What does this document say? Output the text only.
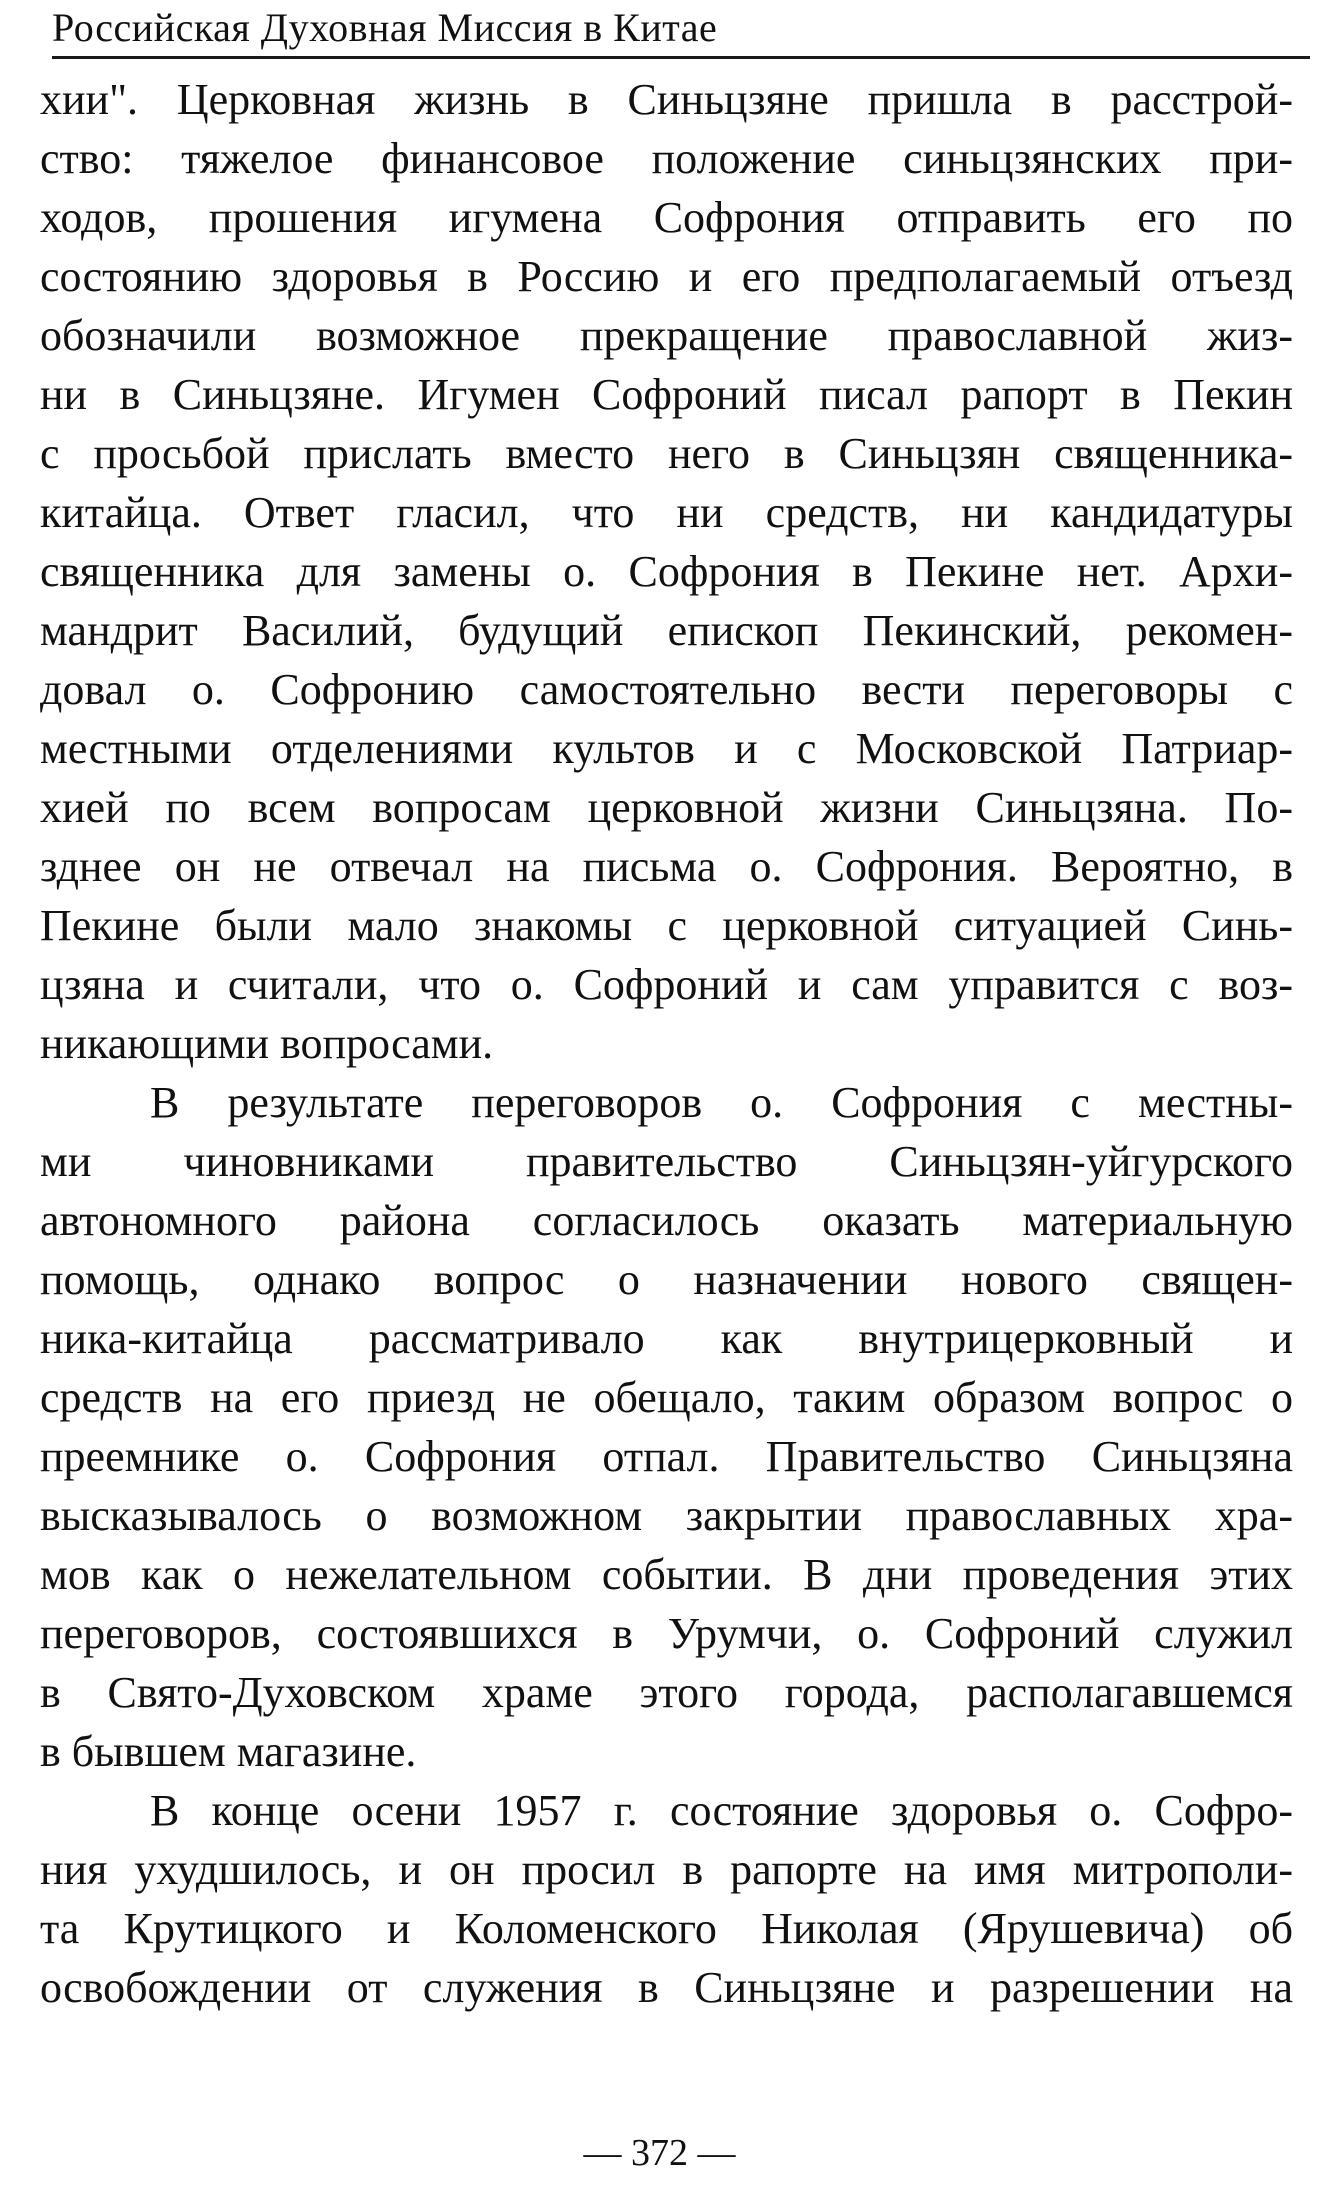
Российская Духовная Миссия в Китае
хии". Церковная жизнь в Синьцзяне пришла в расстрой-
ство: тяжелое финансовое положение синьцзянских при-
ходов, прошения игумена Софрония отправить его по
состоянию здоровья в Россию и его предполагаемый отъезд
обозначили возможное прекращение православной жиз-
ни в Синьцзяне. Игумен Софроний писал рапорт в Пекин
с просьбой прислать вместо него в Синьцзян священника-
китайца. Ответ гласил, что ни средств, ни кандидатуры
священника для замены о. Софрония в Пекине нет. Архи-
мандрит Василий, будущий епископ Пекинский, рекомен-
довал о. Софронию самостоятельно вести переговоры с
местными отделениями культов и с Московской Патриар-
хией по всем вопросам церковной жизни Синьцзяна. По-
зднее он не отвечал на письма о. Софрония. Вероятно, в
Пекине были мало знакомы с церковной ситуацией Синь-
цзяна и считали, что о. Софроний и сам управится с воз-
никающими вопросами.
В результате переговоров о. Софрония с местны-
ми чиновниками правительство Синьцзян-уйгурского
автономного района согласилось оказать материальную
помощь, однако вопрос о назначении нового священ-
ника-китайца рассматривало как внутрицерковный и
средств на его приезд не обещало, таким образом вопрос о
преемнике о. Софрония отпал. Правительство Синьцзяна
высказывалось о возможном закрытии православных хра-
мов как о нежелательном событии. В дни проведения этих
переговоров, состоявшихся в Урумчи, о. Софроний служил
в Свято-Духовском храме этого города, располагавшемся
в бывшем магазине.
В конце осени 1957 г. состояние здоровья о. Софро-
ния ухудшилось, и он просил в рапорте на имя митрополи-
та Крутицкого и Коломенского Николая (Ярушевича) об
освобождении от служения в Синьцзяне и разрешении на
— 372 —
